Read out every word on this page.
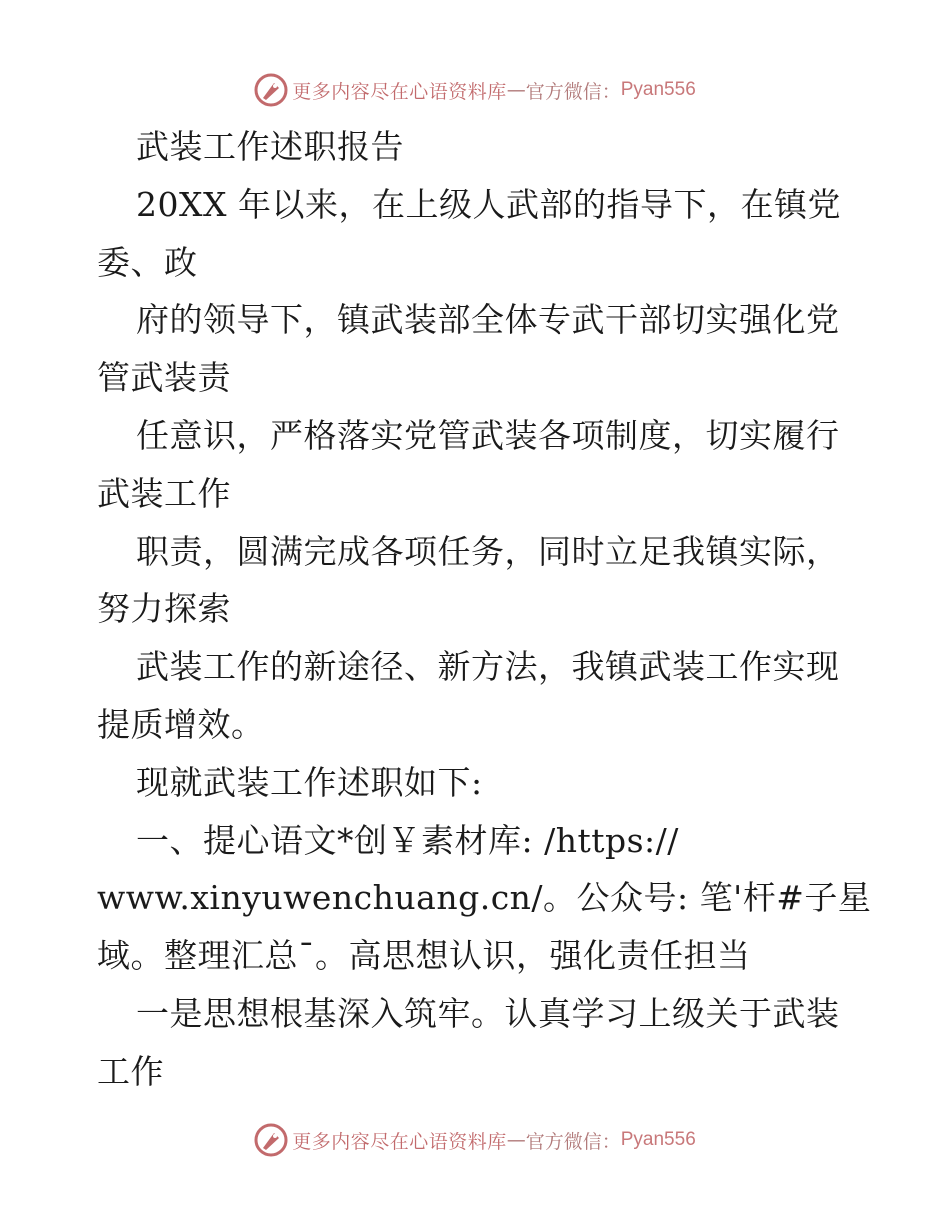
更多内容尽在心语资料库 — 官方微信： Pyan556
武装工作述职报告
20XX 年以来，在上级人武部的指导下，在镇党
委、政
府的领导下，镇武装部全体专武干部切实强化党
管武装责
任意识，严格落实党管武装各项制度，切实履行
武装工作
职责，圆满完成各项任务，同时立足我镇实际，
努力探索
武装工作的新途径、新方法，我镇武装工作实现
提质增效。
现就武装工作述职如下:
一、提心语文*创￥素材库: /https://
www.xinyuwenchuang.cn/。公众号: 笔'杆#子星
域。整理汇总¯。高思想认识，强化责任担当
一是思想根基深入筑牢。认真学习上级关于武装
工作
更多内容尽在心语资料库 — 官方微信： Pyan556
